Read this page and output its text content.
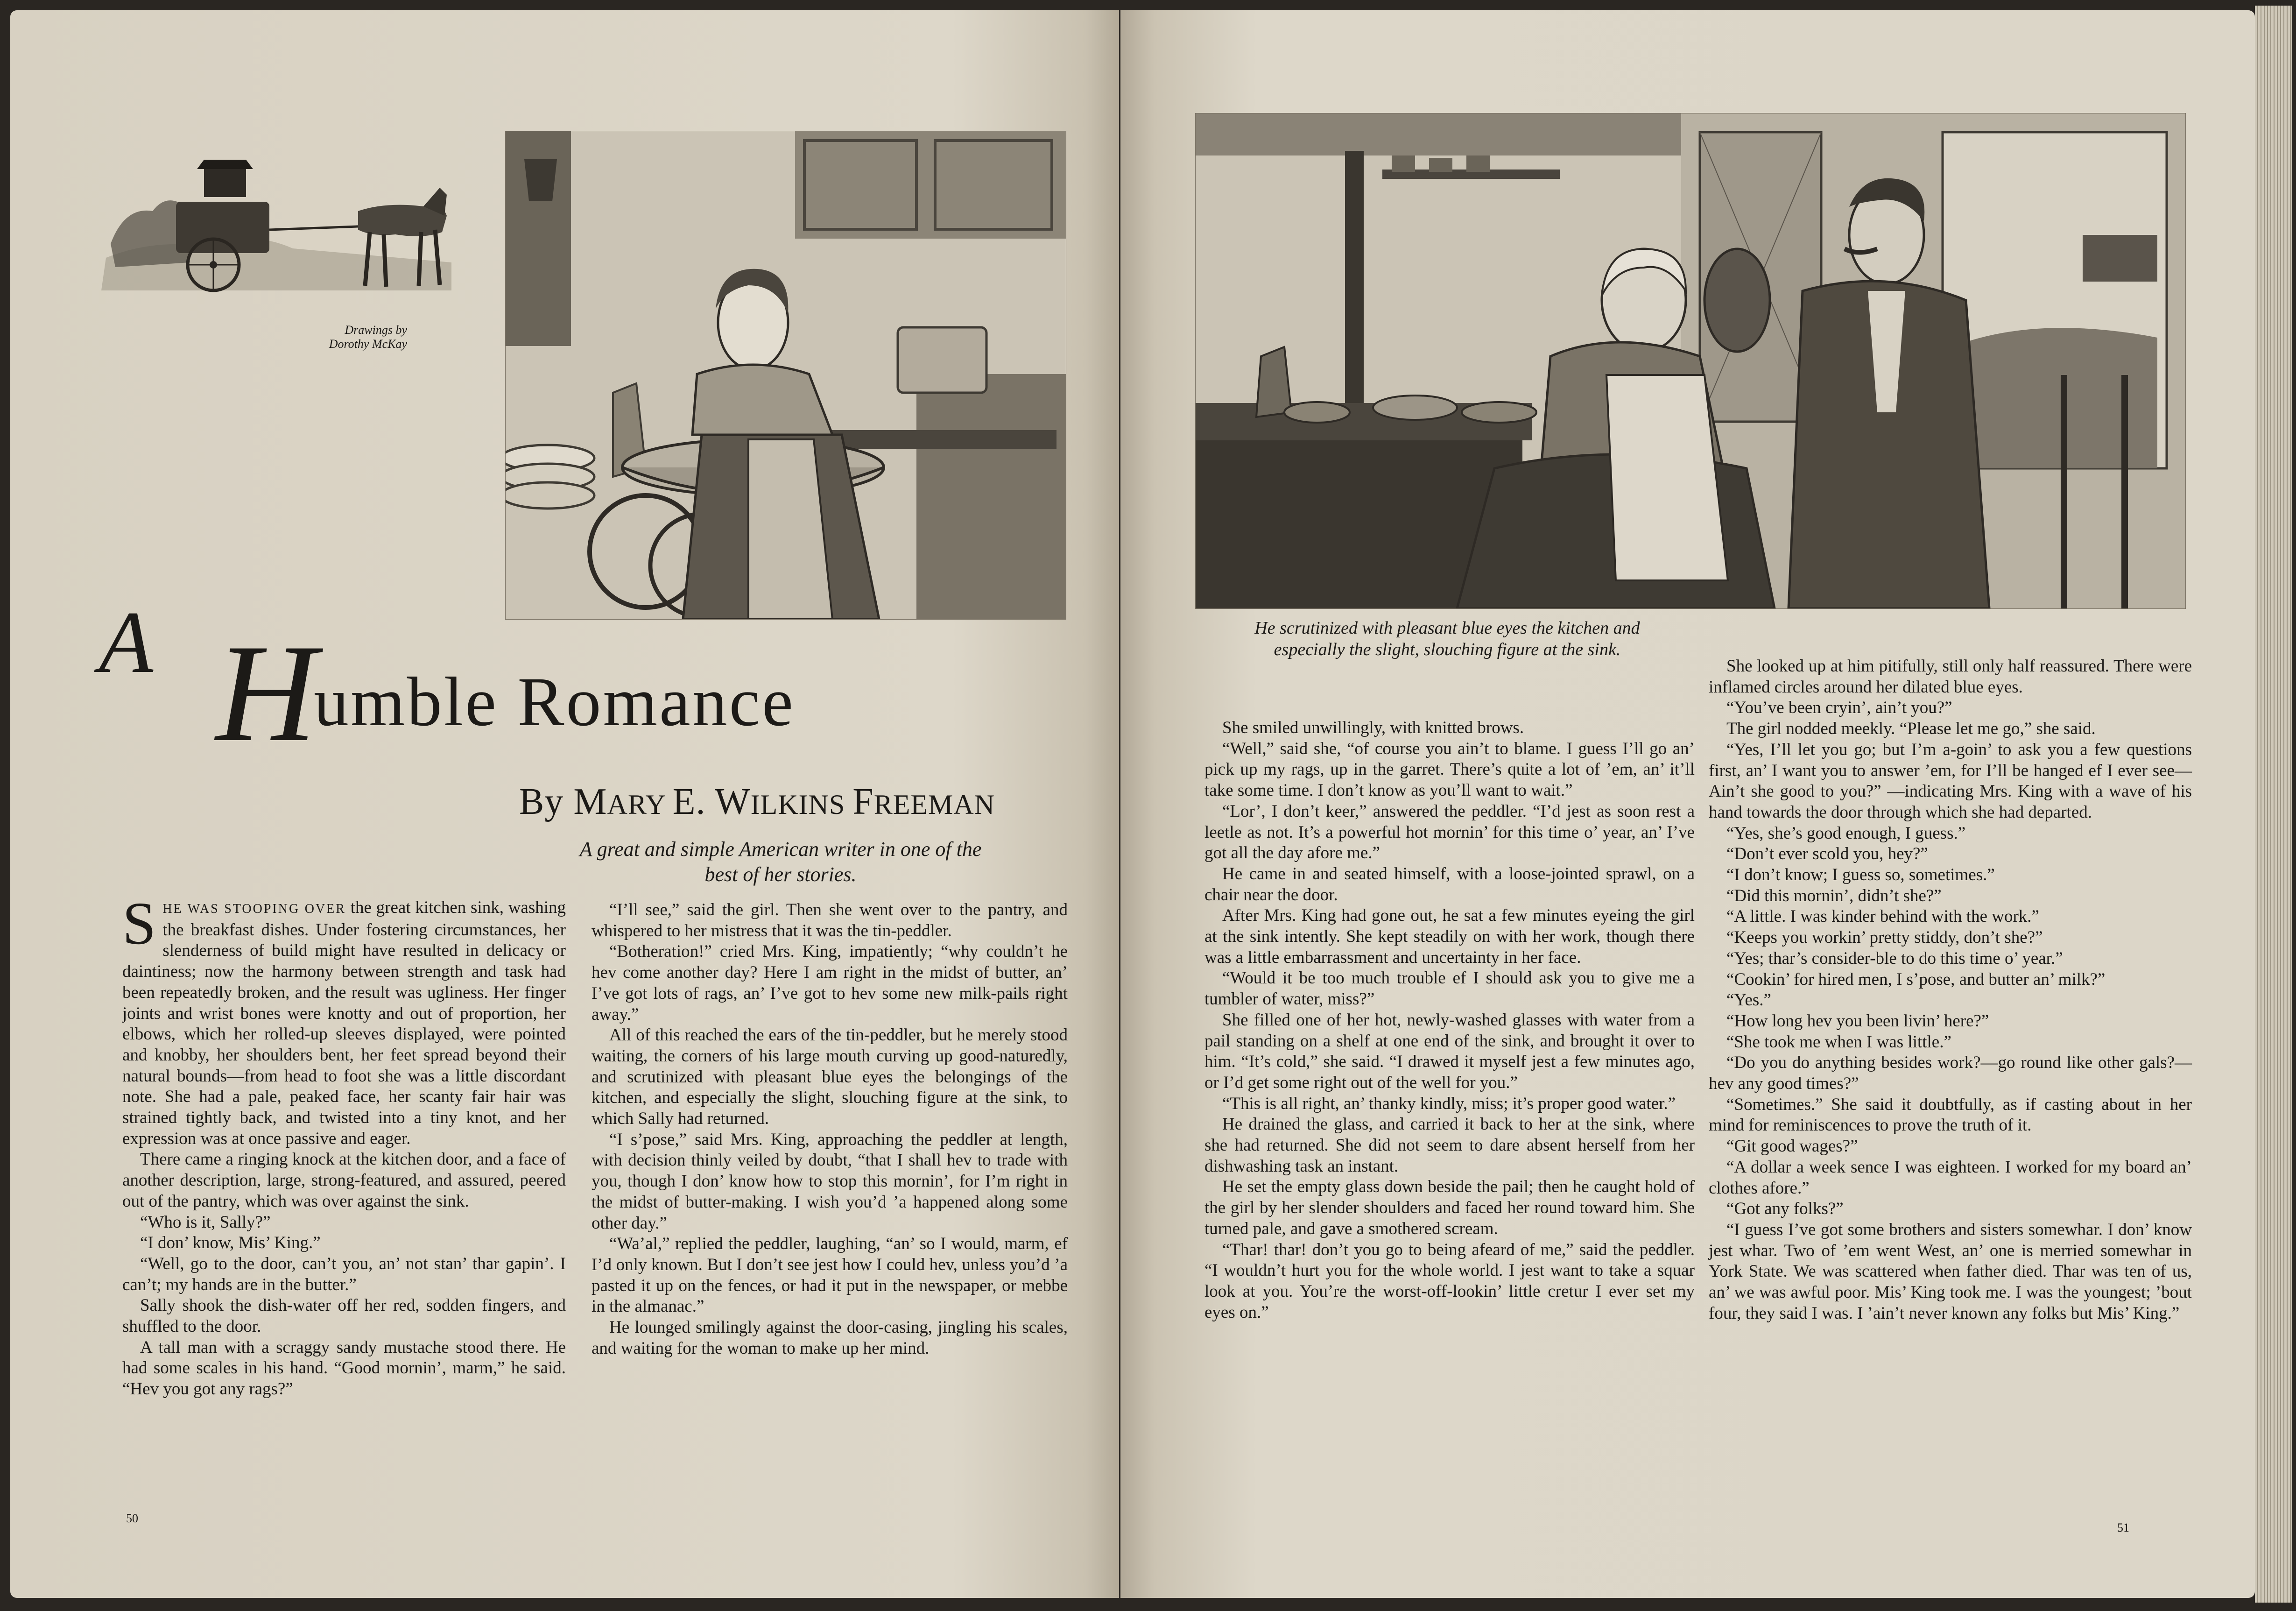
Drawings by
Dorothy McKay
A H
umble Romance
By MARY E. WILKINS FREEMAN
A great and simple American writer in one of the best of her stories.

SHE WAS STOOPING OVER the great kitchen sink, washing the breakfast dishes. Under fostering circumstances, her slenderness of build might have resulted in delicacy or daintiness; now the harmony between strength and task had been repeatedly broken, and the result was ugliness. Her finger joints and wrist bones were knotty and out of proportion, her elbows, which her rolled-up sleeves displayed, were pointed and knobby, her shoulders bent, her feet spread beyond their natural bounds—from head to foot she was a little discordant note. She had a pale, peaked face, her scanty fair hair was strained tightly back, and twisted into a tiny knot, and her expression was at once passive and eager.

There came a ringing knock at the kitchen door, and a face of another description, large, strong-featured, and assured, peered out of the pantry, which was over against the sink.

“Who is it, Sally?”

“I don’ know, Mis’ King.”

“Well, go to the door, can’t you, an’ not stan’ thar gapin’. I can’t; my hands are in the butter.”

Sally shook the dish-water off her red, sodden fingers, and shuffled to the door.

A tall man with a scraggy sandy mustache stood there. He had some scales in his hand. “Good mornin’, marm,” he said. “Hev you got any rags?”

“I’ll see,” said the girl. Then she went over to the pantry, and whispered to her mistress that it was the tin-peddler.

“Botheration!” cried Mrs. King, impatiently; “why couldn’t he hev come another day? Here I am right in the midst of butter, an’ I’ve got lots of rags, an’ I’ve got to hev some new milk-pails right away.”

All of this reached the ears of the tin-peddler, but he merely stood waiting, the corners of his large mouth curving up good-naturedly, and scrutinized with pleasant blue eyes the belongings of the kitchen, and especially the slight, slouching figure at the sink, to which Sally had returned.

“I s’pose,” said Mrs. King, approaching the peddler at length, with decision thinly veiled by doubt, “that I shall hev to trade with you, though I don’ know how to stop this mornin’, for I’m right in the midst of butter-making. I wish you’d ’a happened along some other day.”

“Wa’al,” replied the peddler, laughing, “an’ so I would, marm, ef I’d only known. But I don’t see jest how I could hev, unless you’d ’a pasted it up on the fences, or had it put in the newspaper, or mebbe in the almanac.”

He lounged smilingly against the door-casing, jingling his scales, and waiting for the woman to make up her mind.

50
He scrutinized with pleasant blue eyes the kitchen and especially the slight, slouching figure at the sink.

She smiled unwillingly, with knitted brows.

“Well,” said she, “of course you ain’t to blame. I guess I’ll go an’ pick up my rags, up in the garret. There’s quite a lot of ’em, an’ it’ll take some time. I don’t know as you’ll want to wait.”

“Lor’, I don’t keer,” answered the peddler. “I’d jest as soon rest a leetle as not. It’s a powerful hot mornin’ for this time o’ year, an’ I’ve got all the day afore me.”

He came in and seated himself, with a loose-jointed sprawl, on a chair near the door.

After Mrs. King had gone out, he sat a few minutes eyeing the girl at the sink intently. She kept steadily on with her work, though there was a little embarrassment and uncertainty in her face.

“Would it be too much trouble ef I should ask you to give me a tumbler of water, miss?”

She filled one of her hot, newly-washed glasses with water from a pail standing on a shelf at one end of the sink, and brought it over to him. “It’s cold,” she said. “I drawed it myself jest a few minutes ago, or I’d get some right out of the well for you.”

“This is all right, an’ thanky kindly, miss; it’s proper good water.”

He drained the glass, and carried it back to her at the sink, where she had returned. She did not seem to dare absent herself from her dishwashing task an instant.

He set the empty glass down beside the pail; then he caught hold of the girl by her slender shoulders and faced her round toward him. She turned pale, and gave a smothered scream.

“Thar! thar! don’t you go to being afeard of me,” said the peddler. “I wouldn’t hurt you for the whole world. I jest want to take a squar look at you. You’re the worst-off-lookin’ little cretur I ever set my eyes on.”

She looked up at him pitifully, still only half reassured. There were inflamed circles around her dilated blue eyes.

“You’ve been cryin’, ain’t you?”

The girl nodded meekly. “Please let me go,” she said.

“Yes, I’ll let you go; but I’m a-goin’ to ask you a few questions first, an’ I want you to answer ’em, for I’ll be hanged ef I ever see— Ain’t she good to you?” —indicating Mrs. King with a wave of his hand towards the door through which she had departed.

“Yes, she’s good enough, I guess.”

“Don’t ever scold you, hey?”

“I don’t know; I guess so, sometimes.”

“Did this mornin’, didn’t she?”

“A little. I was kinder behind with the work.”

“Keeps you workin’ pretty stiddy, don’t she?”

“Yes; thar’s consider-ble to do this time o’ year.”

“Cookin’ for hired men, I s’pose, and butter an’ milk?”

“Yes.”

“How long hev you been livin’ here?”

“She took me when I was little.”

“Do you do anything besides work?—go round like other gals?—hev any good times?”

“Sometimes.” She said it doubtfully, as if casting about in her mind for reminiscences to prove the truth of it.

“Git good wages?”

“A dollar a week sence I was eighteen. I worked for my board an’ clothes afore.”

“Got any folks?”

“I guess I’ve got some brothers and sisters somewhar. I don’ know jest whar. Two of ’em went West, an’ one is merried somewhar in York State. We was scattered when father died. Thar was ten of us, an’ we was awful poor. Mis’ King took me. I was the youngest; ’bout four, they said I was. I ’ain’t never known any folks but Mis’ King.”

51
